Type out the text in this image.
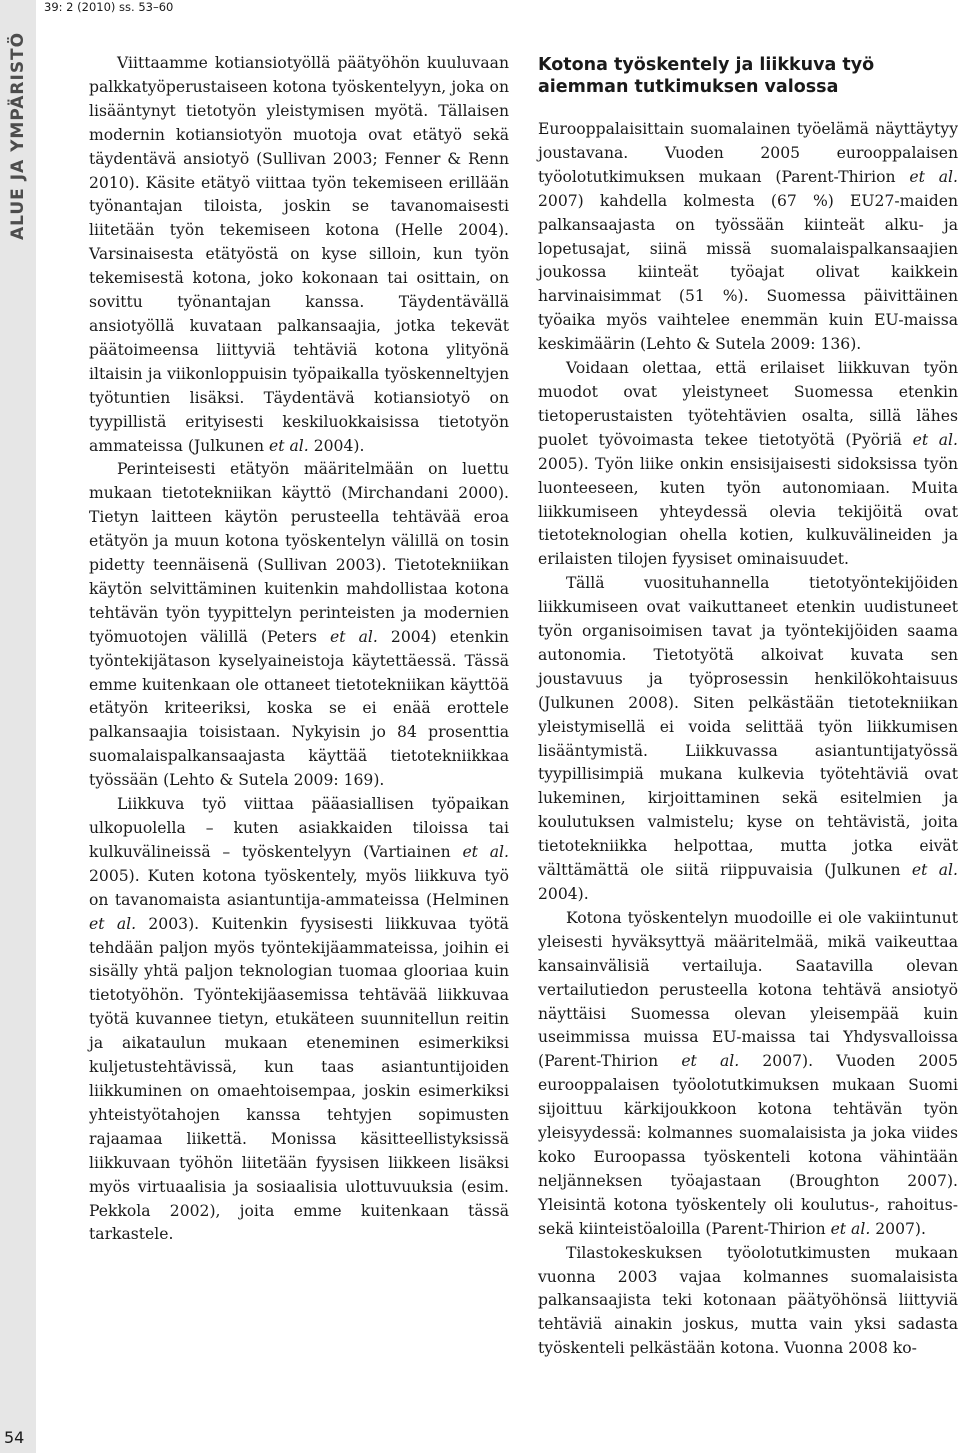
ALUE JA YMPÄRISTÖ
54
39: 2 (2010) ss. 53–60

Viittaamme kotiansiotyöllä päätyöhön kuuluvaan palkkatyöperustaiseen kotona työskentelyyn, joka on lisääntynyt tietotyön yleistymisen myötä. Tällaisen modernin kotiansiotyön muotoja ovat etätyö sekä täydentävä ansiotyö (Sullivan 2003; Fenner & Renn 2010). Käsite etätyö viittaa työn tekemiseen erillään työnantajan tiloista, joskin se tavanomaisesti liitetään työn tekemiseen kotona (Helle 2004). Varsinaisesta etätyöstä on kyse silloin, kun työn tekemisestä kotona, joko kokonaan tai osittain, on sovittu työnantajan kanssa. Täydentävällä ansiotyöllä kuvataan palkansaajia, jotka tekevät päätoimeensa liittyviä tehtäviä kotona ylityönä iltaisin ja viikonloppuisin työpaikalla työskenneltyjen työtuntien lisäksi. Täydentävä kotiansiotyö on tyypillistä erityisesti keskiluokkaisissa tietotyön ammateissa (Julkunen et al. 2004).

Perinteisesti etätyön määritelmään on luettu mukaan tietotekniikan käyttö (Mirchandani 2000). Tietyn laitteen käytön perusteella tehtävää eroa etätyön ja muun kotona työskentelyn välillä on tosin pidetty teennäisenä (Sullivan 2003). Tietotekniikan käytön selvittäminen kuitenkin mahdollistaa kotona tehtävän työn tyypittelyn perinteisten ja modernien työmuotojen välillä (Peters et al. 2004) etenkin työntekijätason kyselyaineistoja käytettäessä. Tässä emme kuitenkaan ole ottaneet tietotekniikan käyttöä etätyön kriteeriksi, koska se ei enää erottele palkansaajia toisistaan. Nykyisin jo 84 prosenttia suomalaispalkansaajasta käyttää tietotekniikkaa työssään (Lehto & Sutela 2009: 169).

Liikkuva työ viittaa pääasiallisen työpaikan ulkopuolella – kuten asiakkaiden tiloissa tai kulkuvälineissä – työskentelyyn (Vartiainen et al. 2005). Kuten kotona työskentely, myös liikkuva työ on tavanomaista asiantuntija-ammateissa (Helminen et al. 2003). Kuitenkin fyysisesti liikkuvaa työtä tehdään paljon myös työntekijäammateissa, joihin ei sisälly yhtä paljon teknologian tuomaa glooriaa kuin tietotyöhön. Työntekijäasemissa tehtävää liikkuvaa työtä kuvannee tietyn, etukäteen suunnitellun reitin ja aikataulun mukaan eteneminen esimerkiksi kuljetustehtävissä, kun taas asiantuntijoiden liikkuminen on omaehtoisempaa, joskin esimerkiksi yhteistyötahojen kanssa tehtyjen sopimusten rajaamaa liikettä. Monissa käsitteellistyksissä liikkuvaan työhön liitetään fyysisen liikkeen lisäksi myös virtuaalisia ja sosiaalisia ulottuvuuksia (esim. Pekkola 2002), joita emme kuitenkaan tässä tarkastele.

Kotona työskentely ja liikkuva työ
aiemman tutkimuksen valossa

Eurooppalaisittain suomalainen työelämä näyttäytyy joustavana. Vuoden 2005 eurooppalaisen työolotutkimuksen mukaan (Parent-Thirion et al. 2007) kahdella kolmesta (67 %) EU27-maiden palkansaajasta on työssään kiinteät alku- ja lopetusajat, siinä missä suomalaispalkansaajien joukossa kiinteät työajat olivat kaikkein harvinaisimmat (51 %). Suomessa päivittäinen työaika myös vaihtelee enemmän kuin EU-maissa keskimäärin (Lehto & Sutela 2009: 136).

Voidaan olettaa, että erilaiset liikkuvan työn muodot ovat yleistyneet Suomessa etenkin tietoperustaisten työtehtävien osalta, sillä lähes puolet työvoimasta tekee tietotyötä (Pyöriä et al. 2005). Työn liike onkin ensisijaisesti sidoksissa työn luonteeseen, kuten työn autonomiaan. Muita liikkumiseen yhteydessä olevia tekijöitä ovat tietoteknologian ohella kotien, kulkuvälineiden ja erilaisten tilojen fyysiset ominaisuudet.

Tällä vuosituhannella tietotyöntekijöiden liikkumiseen ovat vaikuttaneet etenkin uudistuneet työn organisoimisen tavat ja työntekijöiden saama autonomia. Tietotyötä alkoivat kuvata sen joustavuus ja työprosessin henkilökohtaisuus (Julkunen 2008). Siten pelkästään tietotekniikan yleistymisellä ei voida selittää työn liikkumisen lisääntymistä. Liikkuvassa asiantuntijatyössä tyypillisimpiä mukana kulkevia työtehtäviä ovat lukeminen, kirjoittaminen sekä esitelmien ja koulutuksen valmistelu; kyse on tehtävistä, joita tietotekniikka helpottaa, mutta jotka eivät välttämättä ole siitä riippuvaisia (Julkunen et al. 2004).

Kotona työskentelyn muodoille ei ole vakiintunut yleisesti hyväksyttyä määritelmää, mikä vaikeuttaa kansainvälisiä vertailuja. Saatavilla olevan vertailutiedon perusteella kotona tehtävä ansiotyö näyttäisi Suomessa olevan yleisempää kuin useimmissa muissa EU-maissa tai Yhdysvalloissa (Parent-Thirion et al. 2007). Vuoden 2005 eurooppalaisen työolotutkimuksen mukaan Suomi sijoittuu kärkijoukkoon kotona tehtävän työn yleisyydessä: kolmannes suomalaisista ja joka viides koko Euroopassa työskenteli kotona vähintään neljänneksen työajastaan (Broughton 2007). Yleisintä kotona työskentely oli koulutus-, rahoitus- sekä kiinteistöaloilla (Parent-Thirion et al. 2007).

Tilastokeskuksen työolotutkimusten mukaan vuonna 2003 vajaa kolmannes suomalaisista palkansaajista teki kotonaan päätyöhönsä liittyviä tehtäviä ainakin joskus, mutta vain yksi sadasta työskenteli pelkästään kotona. Vuonna 2008 ko-
